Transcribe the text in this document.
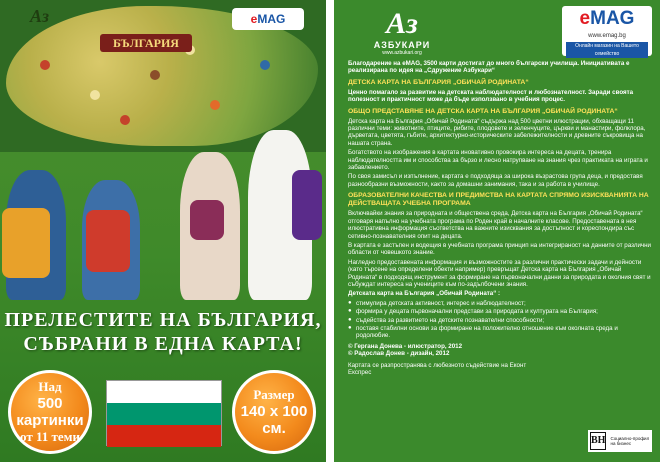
Аз
БЪЛГАРИЯ
eMAG
ПРЕЛЕСТИТЕ НА БЪЛГАРИЯ,
СЪБРАНИ В ЕДНА КАРТА!
Над
500 картинки
от 11 теми
Размер
140 х 100 см.
Аз
АЗБУКАРИ
www.azbukari.org
eMAG
www.emag.bg
Онлайн магазин на Вашето семейство

Благодарение на eMAG, 3500 карти достигат до много български училища. Инициативата е реализирана по идея на „Сдружение Азбукари“

ДЕТСКА КАРТА НА БЪЛГАРИЯ „ОБИЧАЙ РОДИНАТА“

Ценно помагало за развитие на детската наблюдателност и любознателност. Заради своята полезност и практичност може да бъде използвано в учебния процес.

ОБЩО ПРЕДСТАВЯНЕ НА ДЕТСКА КАРТА НА БЪЛГАРИЯ „ОБИЧАЙ РОДИНАТА“

Детска карта на България „Обичай Родината“ съдържа над 500 цветни илюстрации, обхващащи 11 различни теми: животните, птиците, рибите, плодовете и зеленчуците, църкви и манастири, фолклора, дърветата, цветята, гъбите, архитектурно-историческите забележителности и древните съкровища на нашата страна.

Богатството на изображения в картата иновативно провокира интереса на децата, тренира наблюдателността им и способства за бързо и лесно натрупване на знания чрез практиката на играта и забавлението.

По своя замисъл и изпълнение, картата е подходяща за широка възрастова група деца, и предоставя разнообразни възможности, както за домашни занимания, така и за работа в училище.

ОБРАЗОВАТЕЛНИ КАЧЕСТВА И ПРЕДИМСТВА НА КАРТАТА СПРЯМО ИЗИСКВАНИЯТА НА ДЕЙСТВАЩАТА УЧЕБНА ПРОГРАМА

Включвайки знания за природната и обществена среда, Детска карта на България „Обичай Родината“ отговаря напълно на учебната програма по Роден край в началните класове. Предоставената в нея илюстративна информация съответства на важните изисквания за достъпност и кореспондира със сетивно-познавателния опит на децата.

В картата е застъпен и водещия в учебната програма принцип на интегрираност на данните от различни области от човешкото знание.

Нагледно предоставената информация и възможностите за различни практически задачи и дейности (като търсене на определени обекти например) превръщат Детска карта на България „Обичай Родината“ в подходящ инструмент за формиране на първоначални данни за природата и околния свят и събуждат интереса на учениците към по-задълбочени знания.

Детската карта на България „Обичай Родината“ :

● стимулира детската активност, интерес и наблюдателност;
● формира у децата първоначални представи за природата и културата на България;
● съдейства за развитието на детските познавателни способности;
● поставя стабилни основи за формиране на положително отношение към околната среда и родолюбие.
© Гергана Донева - илюстратор, 2012
© Радослав Донев - дизайн, 2012

Картата се разпространява с любезното съдействие на Еконт Експрес

BH Социално-профил на бизнес
